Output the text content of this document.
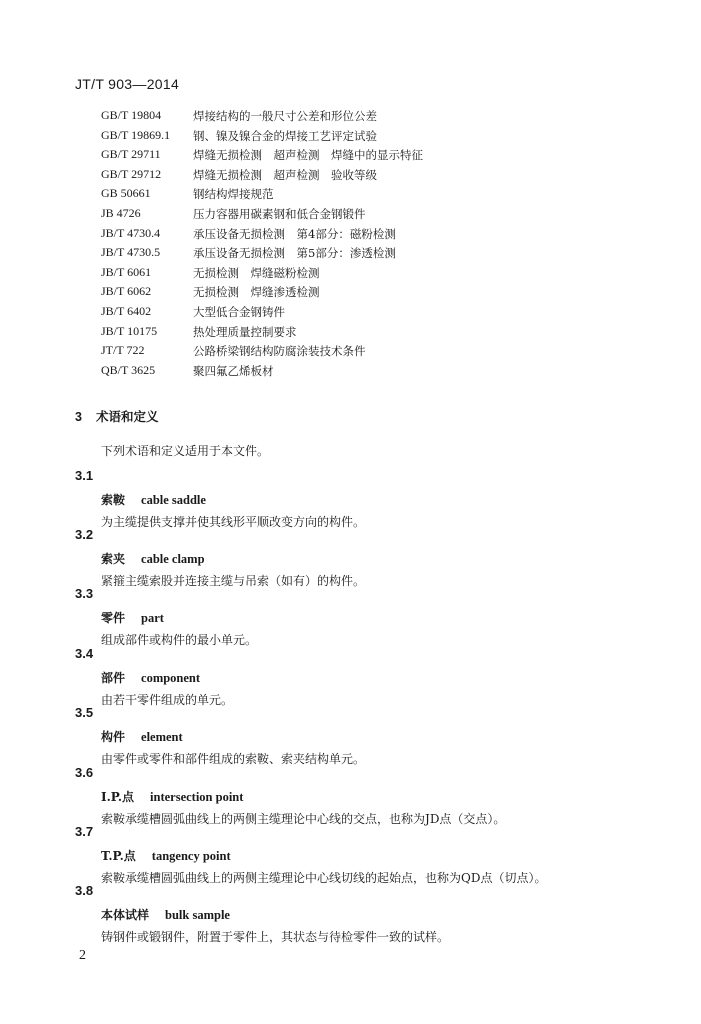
JT/T 903—2014
GB/T 19804	焊接结构的一般尺寸公差和形位公差
GB/T 19869.1 钢、镍及镍合金的焊接工艺评定试验
GB/T 29711	焊缝无损检测　超声检测　焊缝中的显示特征
GB/T 29712	焊缝无损检测　超声检测　验收等级
GB 50661	钢结构焊接规范
JB 4726	压力容器用碳素钢和低合金钢锻件
JB/T 4730.4	承压设备无损检测　第4部分：磁粉检测
JB/T 4730.5	承压设备无损检测　第5部分：渗透检测
JB/T 6061	无损检测　焊缝磁粉检测
JB/T 6062	无损检测　焊缝渗透检测
JB/T 6402	大型低合金钢铸件
JB/T 10175	热处理质量控制要求
JT/T 722	公路桥梁钢结构防腐涂装技术条件
QB/T 3625	聚四氟乙烯板材
3 术语和定义
下列术语和定义适用于本文件。
3.1
索鞍 cable saddle
为主缆提供支撑并使其线形平顺改变方向的构件。
3.2
索夹 cable clamp
紧箍主缆索股并连接主缆与吊索（如有）的构件。
3.3
零件 part
组成部件或构件的最小单元。
3.4
部件 component
由若干零件组成的单元。
3.5
构件 element
由零件或零件和部件组成的索鞍、索夹结构单元。
3.6
I.P.点 intersection point
索鞍承缆槽圆弧曲线上的两侧主缆理论中心线的交点，也称为JD点（交点）。
3.7
T.P.点 tangency point
索鞍承缆槽圆弧曲线上的两侧主缆理论中心线切线的起始点，也称为QD点（切点）。
3.8
本体试样 bulk sample
铸钢件或锻钢件，附置于零件上，其状态与待检零件一致的试样。
2
